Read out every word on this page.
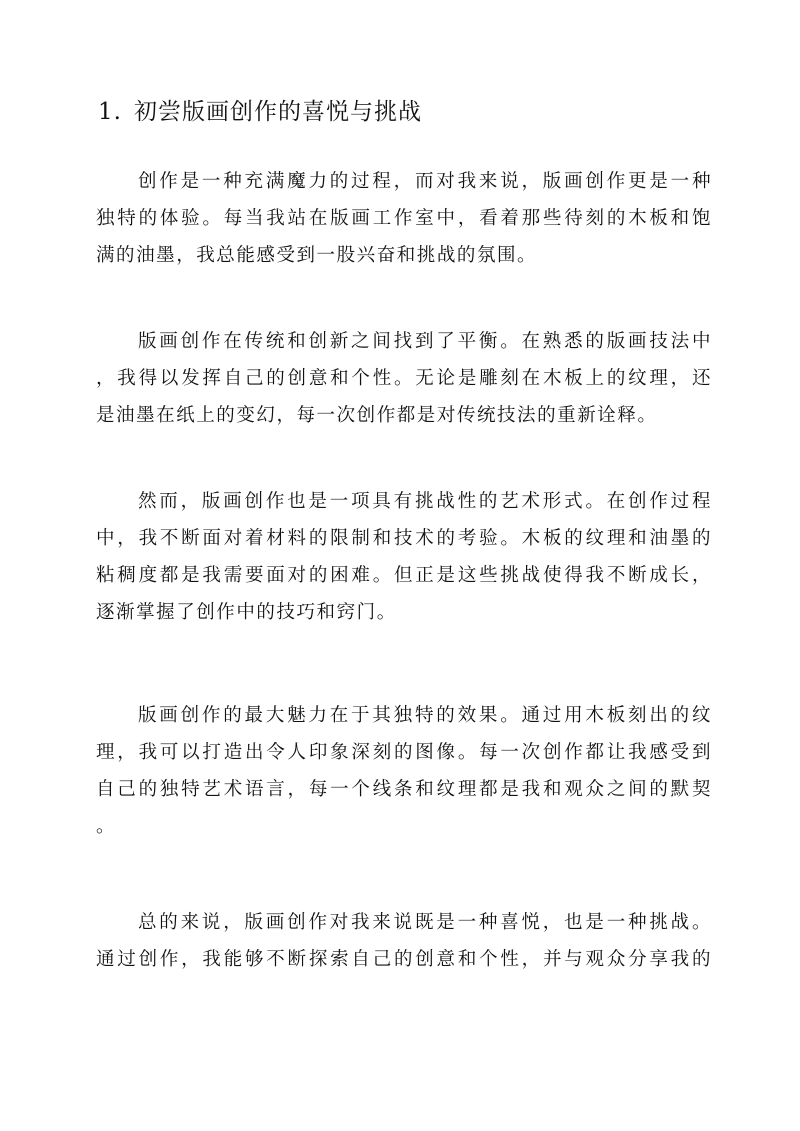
1. 初尝版画创作的喜悦与挑战

创作是一种充满魔力的过程，而对我来说，版画创作更是一种
独特的体验。每当我站在版画工作室中，看着那些待刻的木板和饱
满的油墨，我总能感受到一股兴奋和挑战的氛围。

版画创作在传统和创新之间找到了平衡。在熟悉的版画技法中
，我得以发挥自己的创意和个性。无论是雕刻在木板上的纹理，还
是油墨在纸上的变幻，每一次创作都是对传统技法的重新诠释。

然而，版画创作也是一项具有挑战性的艺术形式。在创作过程
中，我不断面对着材料的限制和技术的考验。木板的纹理和油墨的
粘稠度都是我需要面对的困难。但正是这些挑战使得我不断成长，
逐渐掌握了创作中的技巧和窍门。

版画创作的最大魅力在于其独特的效果。通过用木板刻出的纹
理，我可以打造出令人印象深刻的图像。每一次创作都让我感受到
自己的独特艺术语言，每一个线条和纹理都是我和观众之间的默契
。

总的来说，版画创作对我来说既是一种喜悦，也是一种挑战。
通过创作，我能够不断探索自己的创意和个性，并与观众分享我的
